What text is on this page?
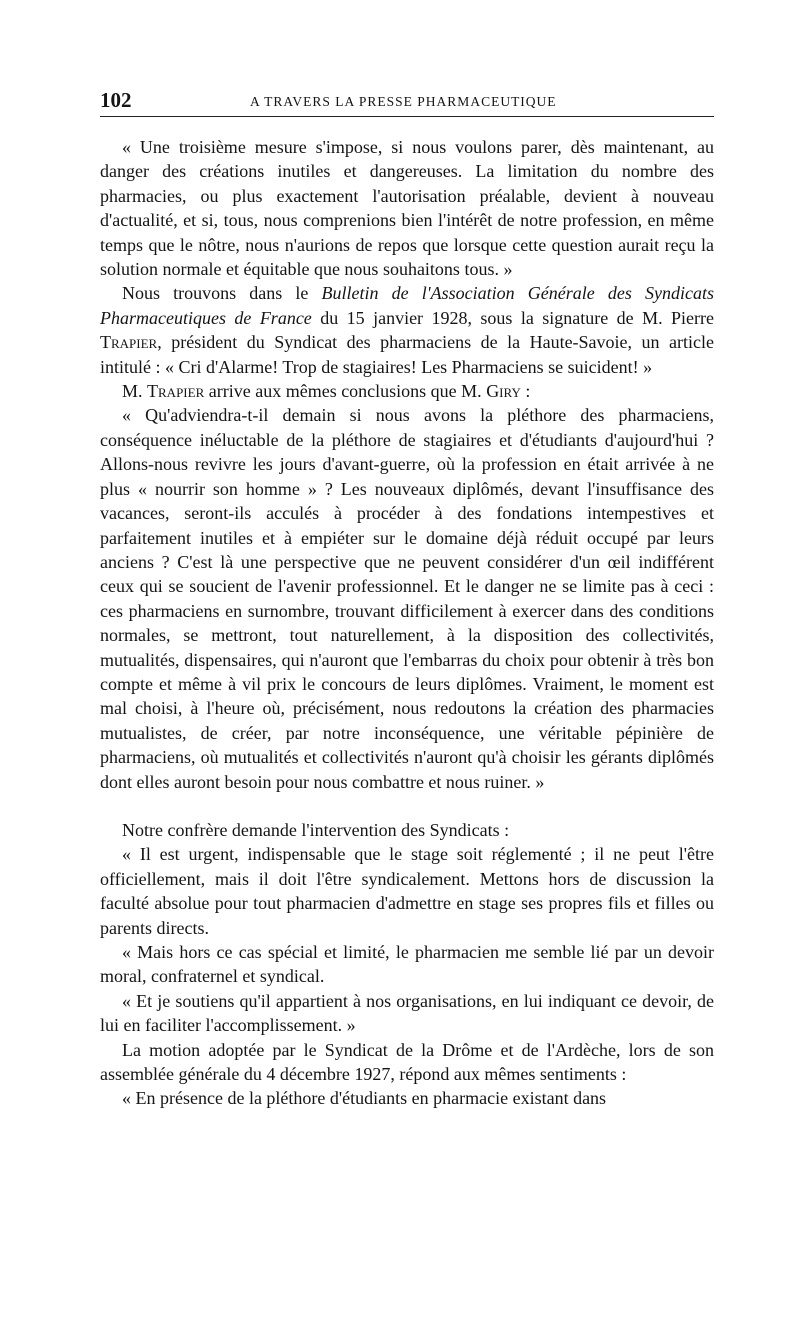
102	A TRAVERS LA PRESSE PHARMACEUTIQUE

« Une troisième mesure s'impose, si nous voulons parer, dès maintenant, au danger des créations inutiles et dangereuses. La limitation du nombre des pharmacies, ou plus exactement l'autorisation préalable, devient à nouveau d'actualité, et si, tous, nous comprenions bien l'intérêt de notre profession, en même temps que le nôtre, nous n'aurions de repos que lorsque cette question aurait reçu la solution normale et équitable que nous souhaitons tous. »

Nous trouvons dans le Bulletin de l'Association Générale des Syndicats Pharmaceutiques de France du 15 janvier 1928, sous la signature de M. Pierre Trapier, président du Syndicat des pharmaciens de la Haute-Savoie, un article intitulé : « Cri d'Alarme! Trop de stagiaires! Les Pharmaciens se suicident! »

M. Trapier arrive aux mêmes conclusions que M. Giry :

« Qu'adviendra-t-il demain si nous avons la pléthore des pharmaciens, conséquence inéluctable de la pléthore de stagiaires et d'étudiants d'aujourd'hui ? Allons-nous revivre les jours d'avant-guerre, où la profession en était arrivée à ne plus « nourrir son homme » ? Les nouveaux diplômés, devant l'insuffisance des vacances, seront-ils acculés à procéder à des fondations intempestives et parfaitement inutiles et à empiéter sur le domaine déjà réduit occupé par leurs anciens ? C'est là une perspective que ne peuvent considérer d'un œil indifférent ceux qui se soucient de l'avenir professionnel. Et le danger ne se limite pas à ceci : ces pharmaciens en surnombre, trouvant difficilement à exercer dans des conditions normales, se mettront, tout naturellement, à la disposition des collectivités, mutualités, dispensaires, qui n'auront que l'embarras du choix pour obtenir à très bon compte et même à vil prix le concours de leurs diplômes. Vraiment, le moment est mal choisi, à l'heure où, précisément, nous redoutons la création des pharmacies mutualistes, de créer, par notre inconséquence, une véritable pépinière de pharmaciens, où mutualités et collectivités n'auront qu'à choisir les gérants diplômés dont elles auront besoin pour nous combattre et nous ruiner. »

Notre confrère demande l'intervention des Syndicats :

« Il est urgent, indispensable que le stage soit réglementé ; il ne peut l'être officiellement, mais il doit l'être syndicalement. Mettons hors de discussion la faculté absolue pour tout pharmacien d'admettre en stage ses propres fils et filles ou parents directs.

« Mais hors ce cas spécial et limité, le pharmacien me semble lié par un devoir moral, confraternel et syndical.

« Et je soutiens qu'il appartient à nos organisations, en lui indiquant ce devoir, de lui en faciliter l'accomplissement. »

La motion adoptée par le Syndicat de la Drôme et de l'Ardèche, lors de son assemblée générale du 4 décembre 1927, répond aux mêmes sentiments :

« En présence de la pléthore d'étudiants en pharmacie existant dans
